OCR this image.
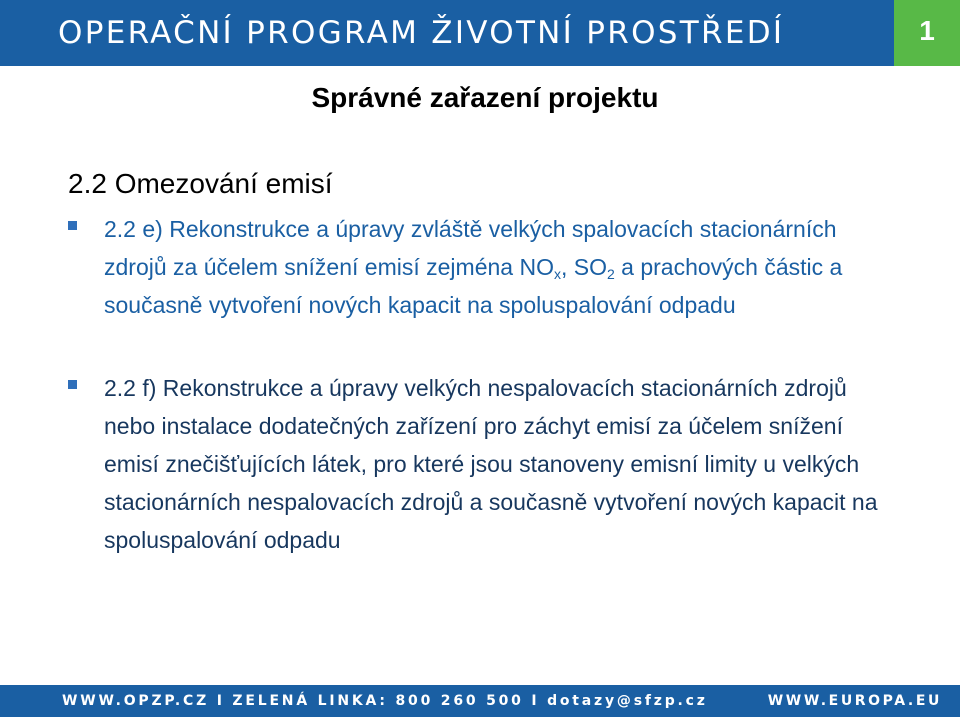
OPERAČNÍ PROGRAM ŽIVOTNÍ PROSTŘEDÍ	1
Správné zařazení projektu
2.2 Omezování emisí
2.2 e) Rekonstrukce a úpravy zvláště velkých spalovacích stacionárních zdrojů za účelem snížení emisí zejména $NO_x$, $SO_2$ a prachových částic a současně vytvoření nových kapacit na spoluspalování odpadu
2.2 f) Rekonstrukce a úpravy velkých nespalovacích stacionárních zdrojů nebo instalace dodatečných zařízení pro záchyt emisí za účelem snížení emisí znečišťujících látek, pro které jsou stanoveny emisní limity u velkých stacionárních nespalovacích zdrojů a současně vytvoření nových kapacit na spoluspalování odpadu
WWW.OPZP.CZ I ZELENÁ LINKA: 800 260 500 I dotazy@sfzp.cz	WWW.EUROPA.EU
